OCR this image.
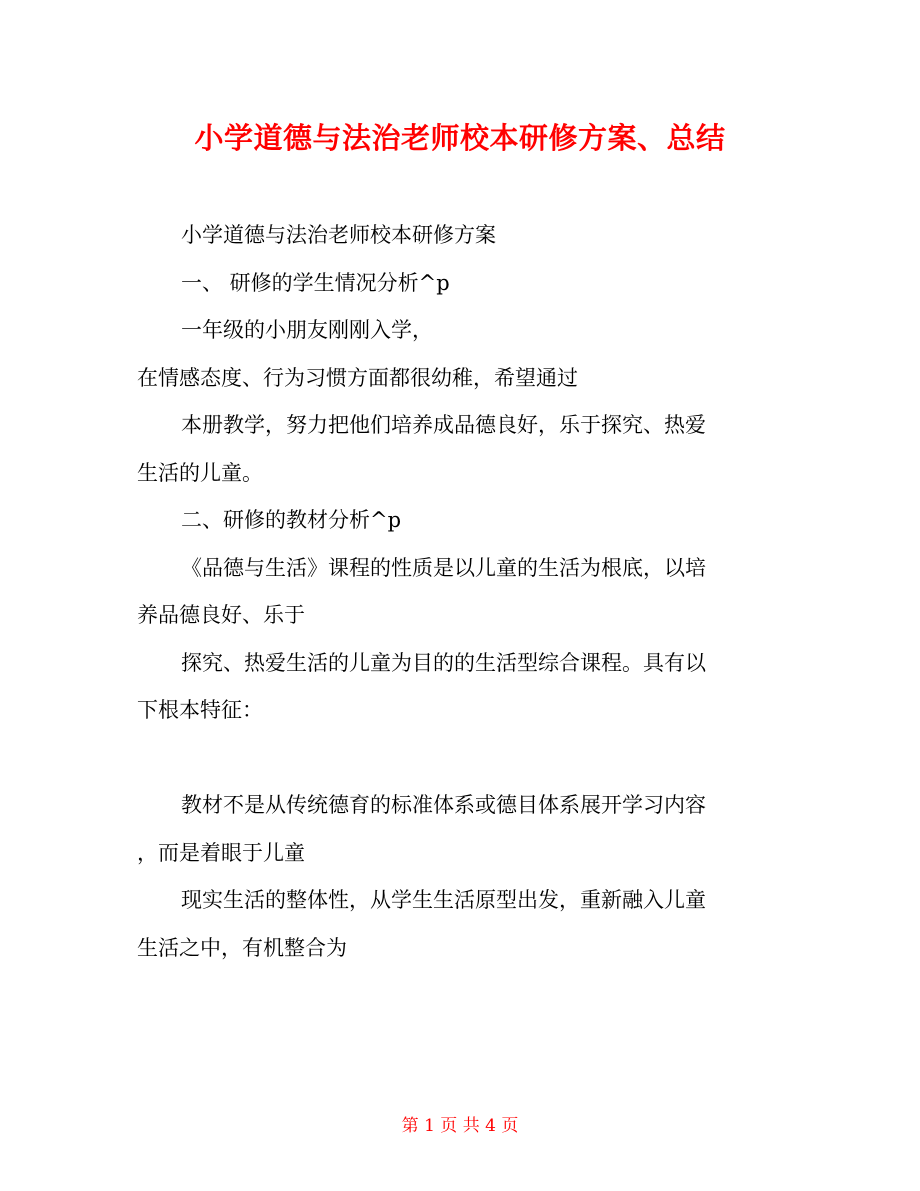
小学道德与法治老师校本研修方案、总结
小学道德与法治老师校本研修方案
一、 研修的学生情况分析^p
一年级的小朋友刚刚入学，
在情感态度、行为习惯方面都很幼稚，希望通过
本册教学，努力把他们培养成品德良好，乐于探究、热爱
生活的儿童。
二、研修的教材分析^p
《品德与生活》课程的性质是以儿童的生活为根底，以培
养品德良好、乐于
探究、热爱生活的儿童为目的的生活型综合课程。具有以
下根本特征：
教材不是从传统德育的标准体系或德目体系展开学习内容
，而是着眼于儿童
现实生活的整体性，从学生生活原型出发，重新融入儿童
生活之中，有机整合为
第 1 页 共 4 页
